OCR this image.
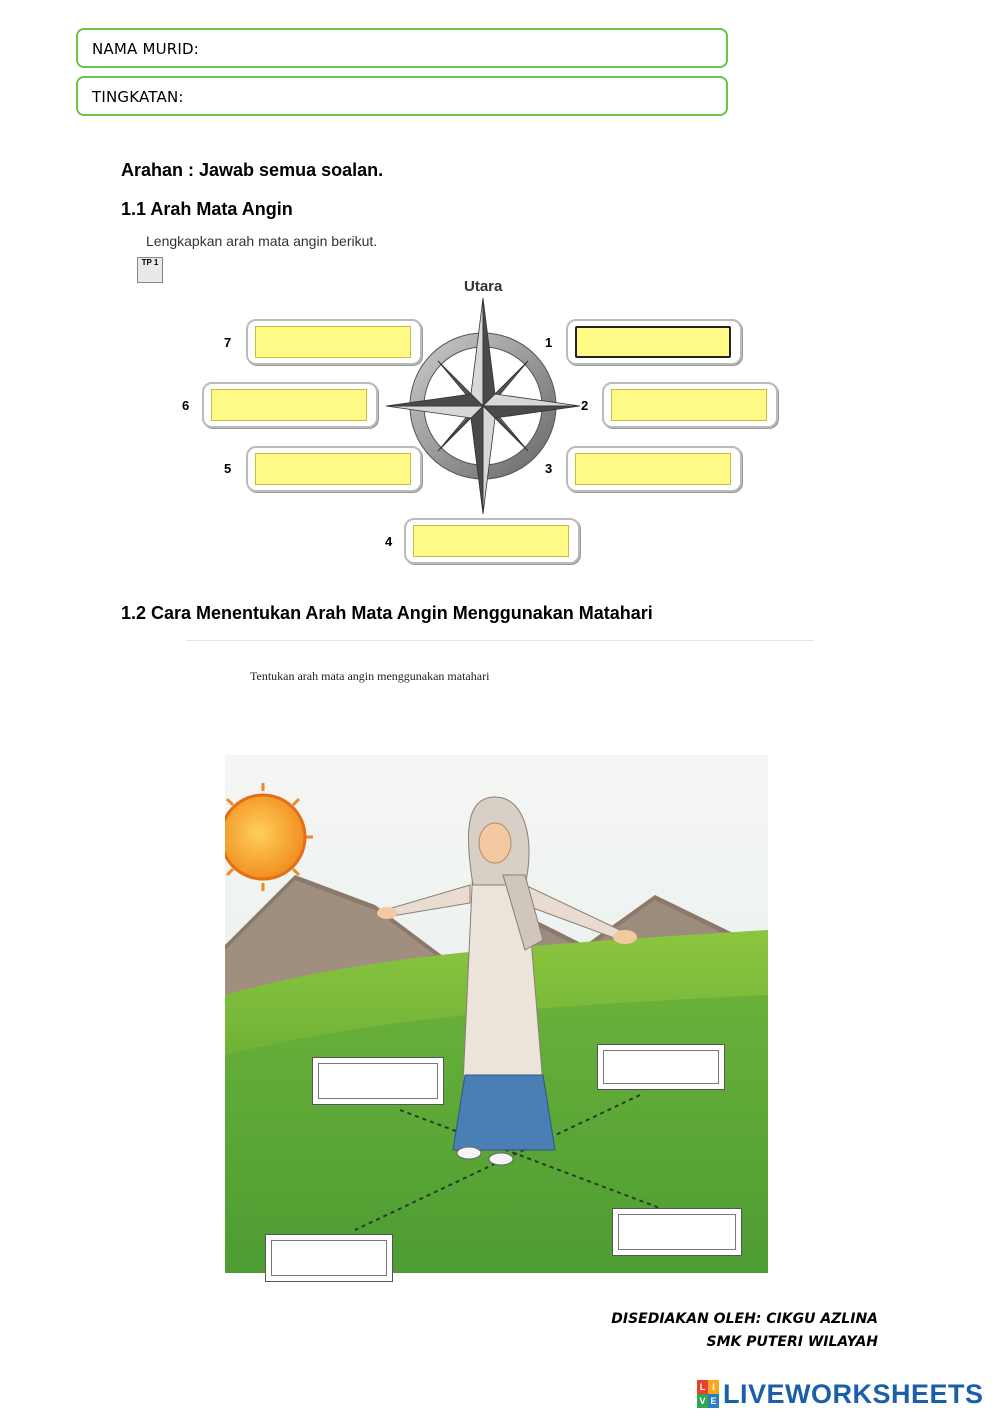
NAMA MURID:
TINGKATAN:
Arahan : Jawab semua soalan.
1.1 Arah Mata Angin
Lengkapkan arah mata angin berikut.
TP 1
Utara
7	1
6	2
5	3
4
1.2 Cara Menentukan Arah Mata Angin Menggunakan Matahari
Tentukan arah mata angin menggunakan matahari
DISEDIAKAN OLEH: CIKGU AZLINA
SMK PUTERI WILAYAH
L I
V E LIVEWORKSHEETS
